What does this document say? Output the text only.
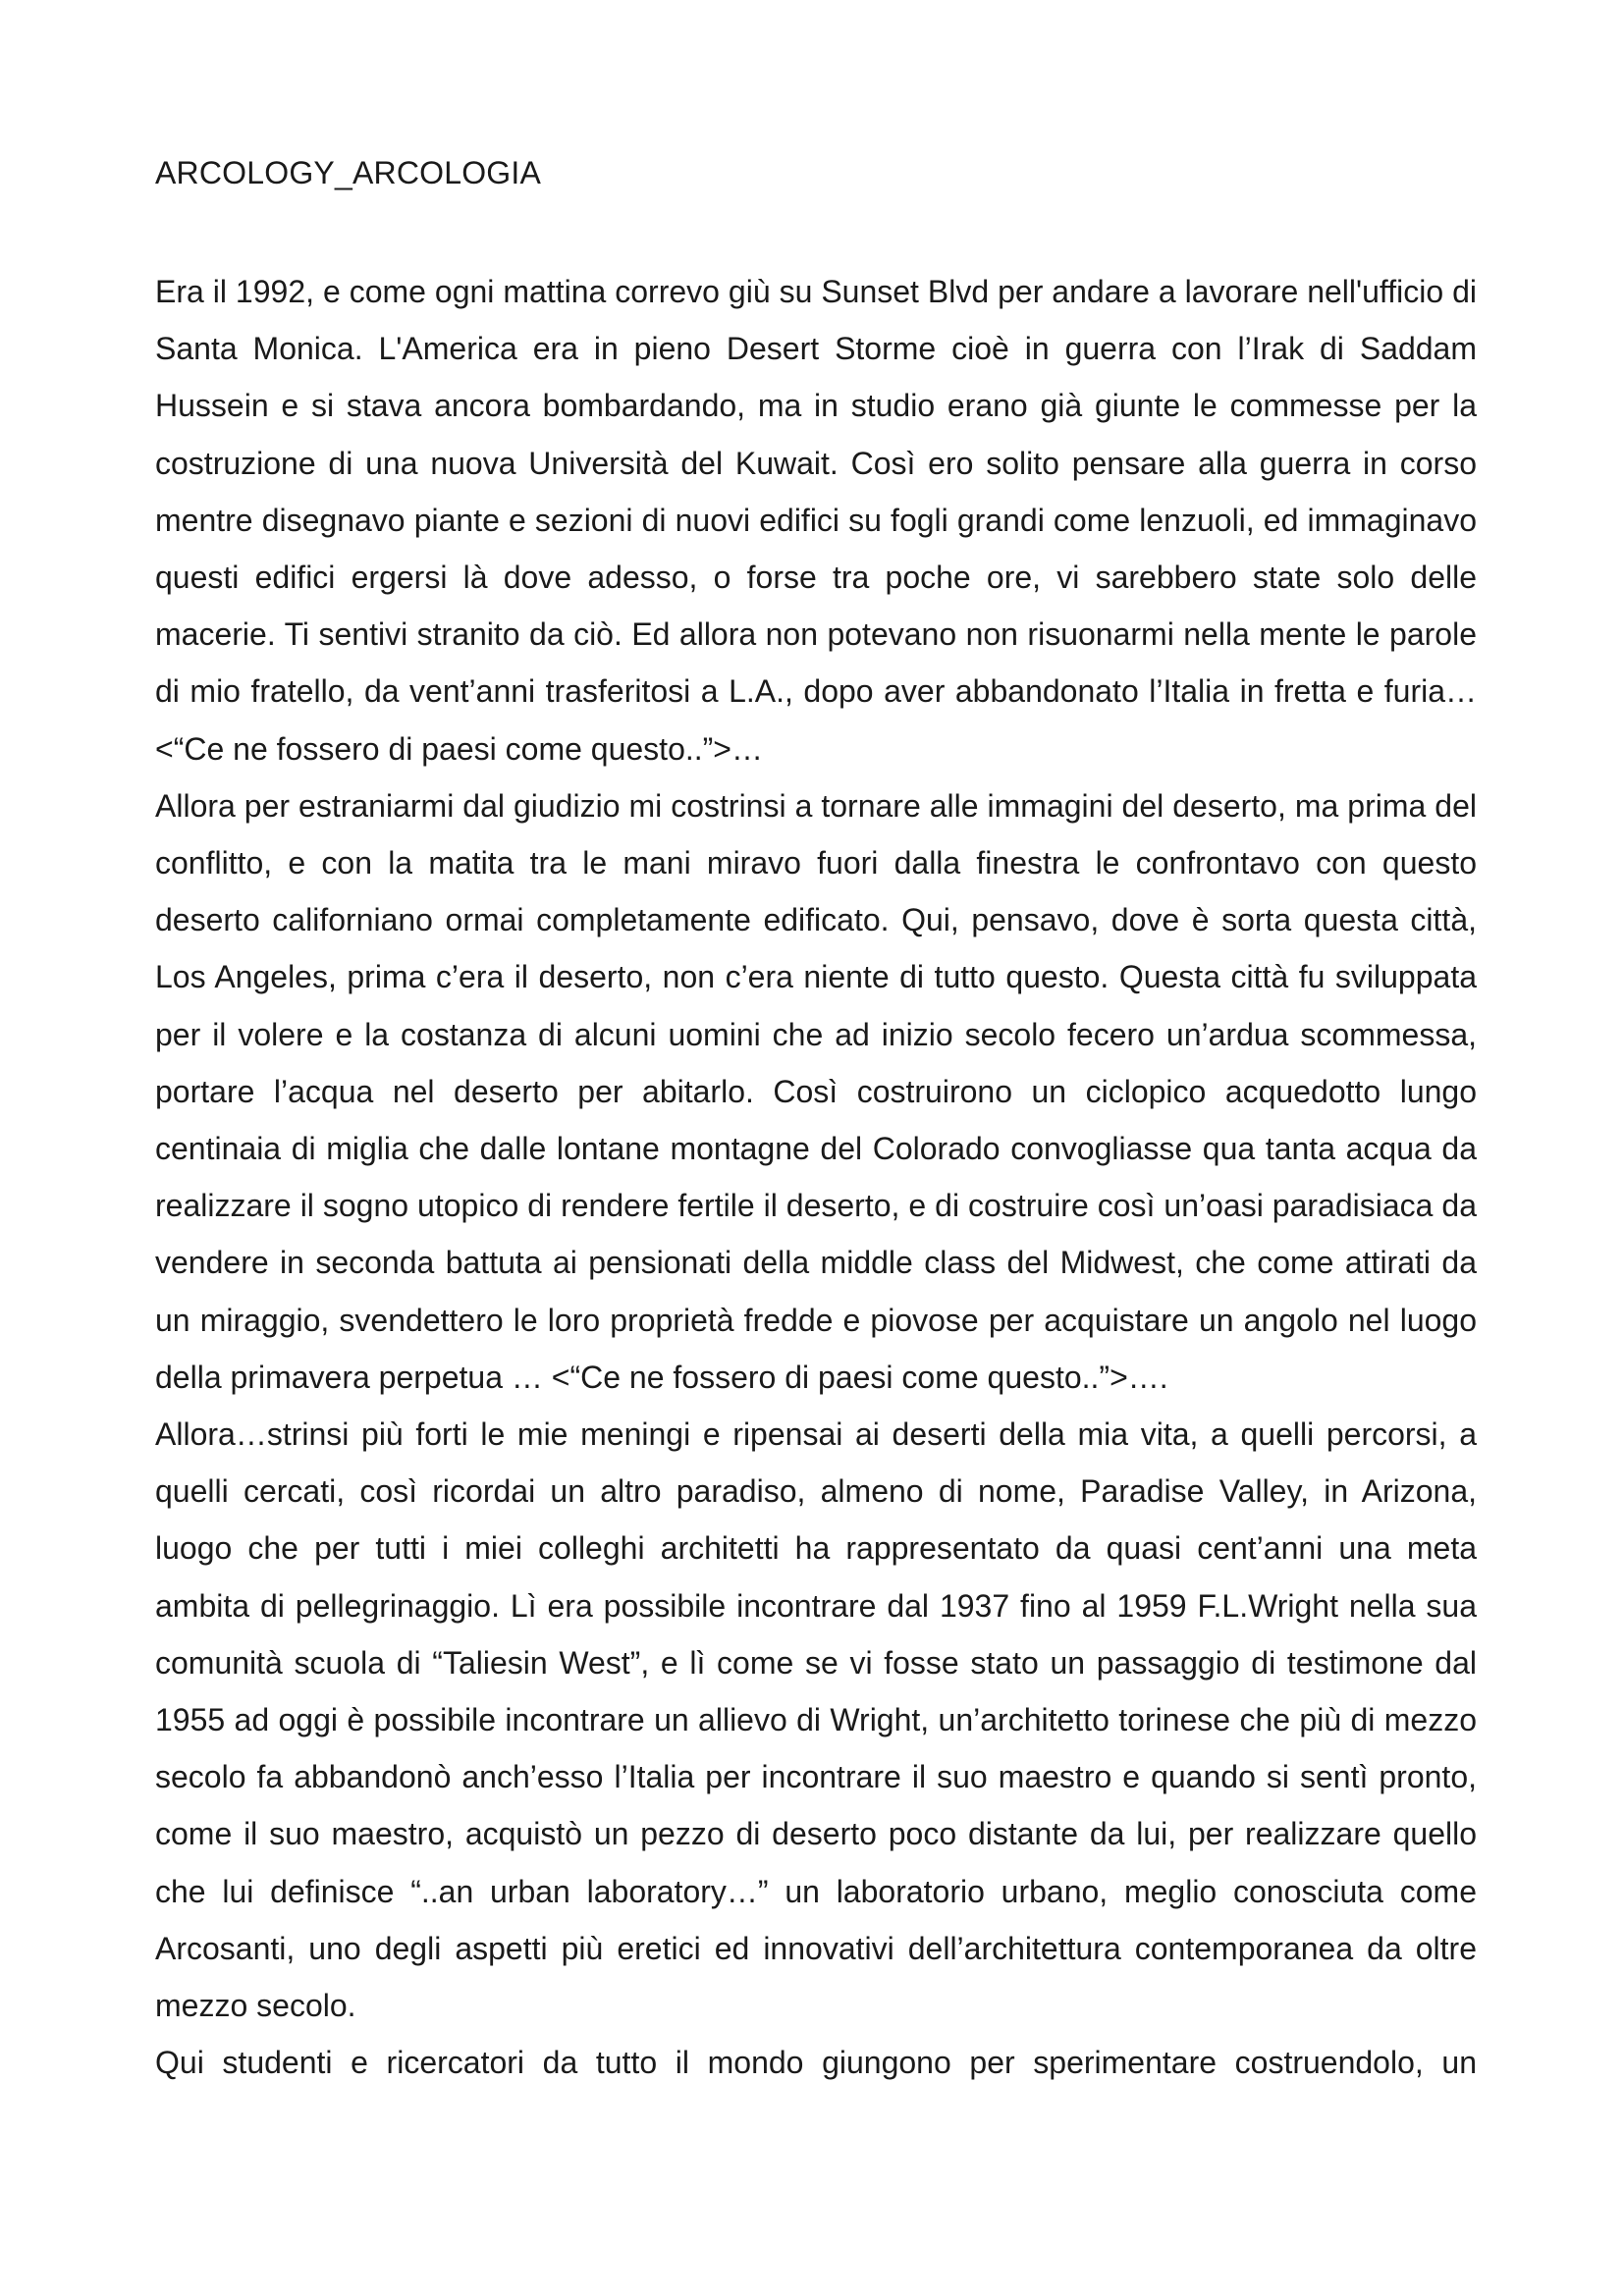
ARCOLOGY_ARCOLOGIA

Era il 1992, e come ogni mattina correvo giù su Sunset Blvd per andare a lavorare nell'ufficio di Santa Monica. L'America era in pieno Desert Storme cioè in guerra con l’Irak di Saddam Hussein e si stava ancora bombardando, ma in studio erano già giunte le commesse per la costruzione di una nuova Università del Kuwait. Così ero solito pensare alla guerra in corso mentre disegnavo piante e sezioni di nuovi edifici su fogli grandi come lenzuoli, ed immaginavo questi edifici ergersi là dove adesso, o forse tra poche ore, vi sarebbero state solo delle macerie. Ti sentivi stranito da ciò. Ed allora non potevano non risuonarmi nella mente le parole di mio fratello, da vent’anni trasferitosi a L.A., dopo aver abbandonato l’Italia in fretta e furia…<“Ce ne fossero di paesi come questo..”>…

Allora per estraniarmi dal giudizio mi costrinsi a tornare alle immagini del deserto, ma prima del conflitto, e con la matita tra le mani miravo fuori dalla finestra le confrontavo con questo deserto californiano ormai completamente edificato. Qui, pensavo, dove è sorta questa città, Los Angeles, prima c’era il deserto, non c’era niente di tutto questo. Questa città fu sviluppata per il volere e la costanza di alcuni uomini che ad inizio secolo fecero un’ardua scommessa, portare l’acqua nel deserto per abitarlo. Così costruirono un ciclopico acquedotto lungo centinaia di miglia che dalle lontane montagne del Colorado convogliasse qua tanta acqua da realizzare il sogno utopico di rendere fertile il deserto, e di costruire così un’oasi paradisiaca da vendere in seconda battuta ai pensionati della middle class del Midwest, che come attirati da un miraggio, svendettero le loro proprietà fredde e piovose per acquistare un angolo nel luogo della primavera perpetua … <“Ce ne fossero di paesi come questo..”>….

Allora…strinsi più forti le mie meningi e ripensai ai deserti della mia vita, a quelli percorsi, a quelli cercati, così ricordai un altro paradiso, almeno di nome, Paradise Valley, in Arizona, luogo che per tutti i miei colleghi architetti ha rappresentato da quasi cent’anni una meta ambita di pellegrinaggio. Lì era possibile incontrare dal 1937 fino al 1959 F.L.Wright nella sua comunità scuola di “Taliesin West”, e lì come se vi fosse stato un passaggio di testimone dal 1955 ad oggi è possibile incontrare un allievo di Wright, un’architetto torinese che più di mezzo secolo fa abbandonò anch’esso l’Italia per incontrare il suo maestro e quando si sentì pronto, come il suo maestro, acquistò un pezzo di deserto poco distante da lui, per realizzare quello che lui definisce “..an urban laboratory…” un laboratorio urbano, meglio conosciuta come Arcosanti, uno degli aspetti più eretici ed innovativi dell’architettura contemporanea da oltre mezzo secolo.

Qui studenti e ricercatori da tutto il mondo giungono per sperimentare costruendolo, un
